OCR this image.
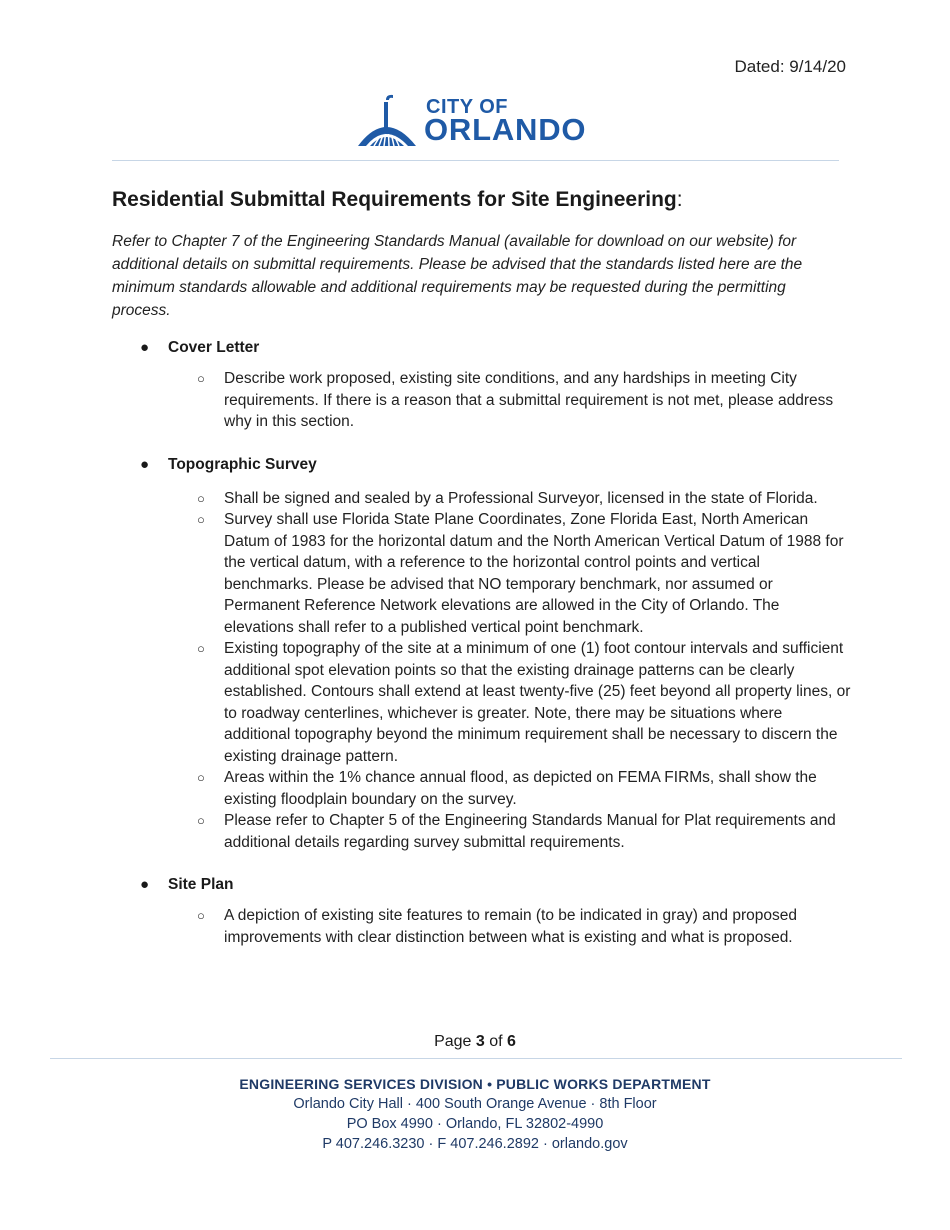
Dated: 9/14/20
CITY OF
ORLANDO
Residential Submittal Requirements for Site Engineering:
Refer to Chapter 7 of the Engineering Standards Manual (available for download on our website) for additional details on submittal requirements. Please be advised that the standards listed here are the minimum standards allowable and additional requirements may be requested during the permitting process.
● Cover Letter
○ Describe work proposed, existing site conditions, and any hardships in meeting City requirements. If there is a reason that a submittal requirement is not met, please address why in this section.
● Topographic Survey
○ Shall be signed and sealed by a Professional Surveyor, licensed in the state of Florida.
○ Survey shall use Florida State Plane Coordinates, Zone Florida East, North American Datum of 1983 for the horizontal datum and the North American Vertical Datum of 1988 for the vertical datum, with a reference to the horizontal control points and vertical benchmarks. Please be advised that NO temporary benchmark, nor assumed or Permanent Reference Network elevations are allowed in the City of Orlando. The elevations shall refer to a published vertical point benchmark.
○ Existing topography of the site at a minimum of one (1) foot contour intervals and sufficient additional spot elevation points so that the existing drainage patterns can be clearly established. Contours shall extend at least twenty-five (25) feet beyond all property lines, or to roadway centerlines, whichever is greater. Note, there may be situations where additional topography beyond the minimum requirement shall be necessary to discern the existing drainage pattern.
○ Areas within the 1% chance annual flood, as depicted on FEMA FIRMs, shall show the existing floodplain boundary on the survey.
○ Please refer to Chapter 5 of the Engineering Standards Manual for Plat requirements and additional details regarding survey submittal requirements.
● Site Plan
○ A depiction of existing site features to remain (to be indicated in gray) and proposed improvements with clear distinction between what is existing and what is proposed.
Page 3 of 6
ENGINEERING SERVICES DIVISION • PUBLIC WORKS DEPARTMENT
Orlando City Hall · 400 South Orange Avenue · 8th Floor
PO Box 4990 · Orlando, FL 32802-4990
P 407.246.3230 · F 407.246.2892 · orlando.gov
